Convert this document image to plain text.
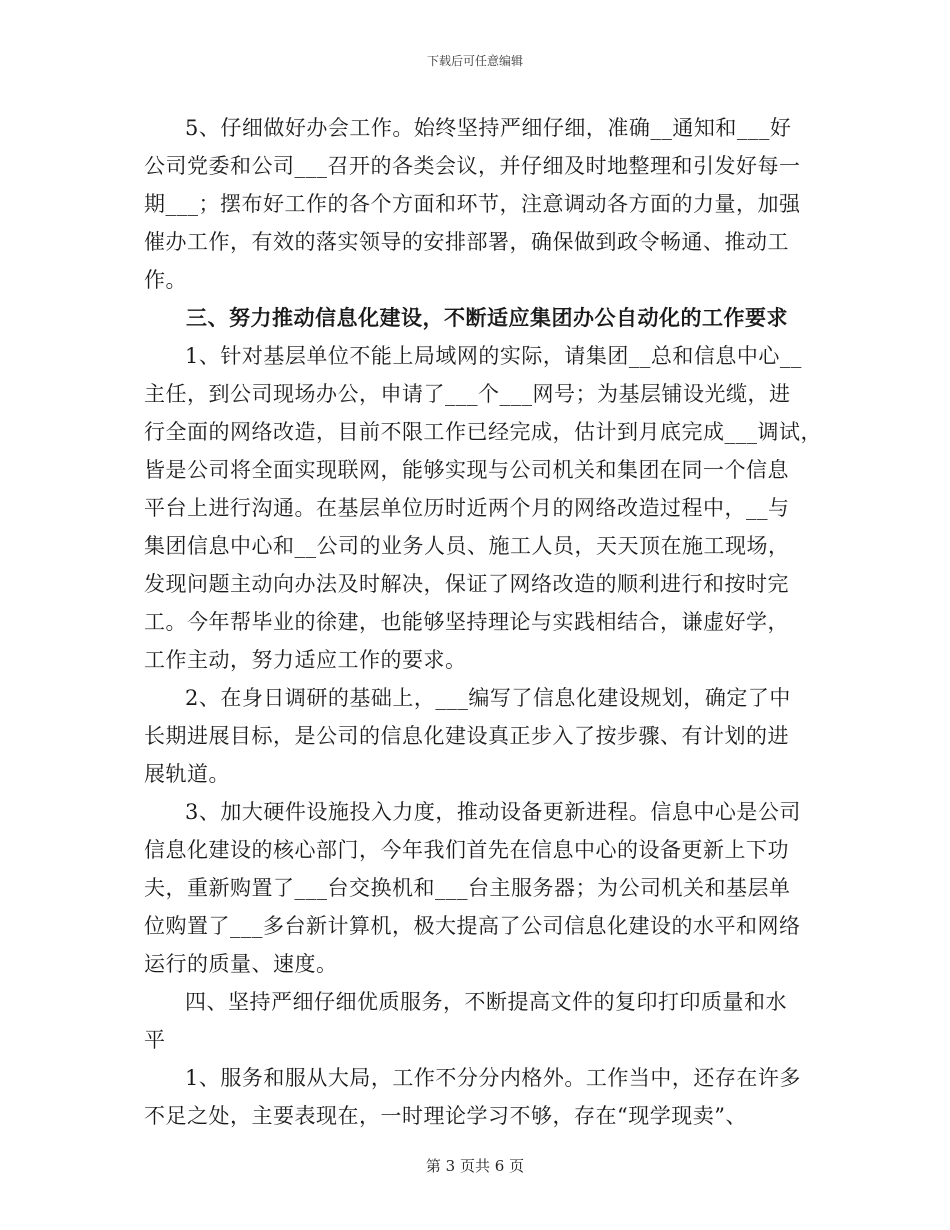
下载后可任意编辑
5、仔细做好办会工作。始终坚持严细仔细，准确__通知和___好
公司党委和公司___召开的各类会议，并仔细及时地整理和引发好每一
期___；摆布好工作的各个方面和环节，注意调动各方面的力量，加强
催办工作，有效的落实领导的安排部署，确保做到政令畅通、推动工
作。
三、努力推动信息化建设，不断适应集团办公自动化的工作要求
1、针对基层单位不能上局域网的实际，请集团__总和信息中心__
主任，到公司现场办公，申请了___个___网号；为基层铺设光缆，进
行全面的网络改造，目前不限工作已经完成，估计到月底完成___调试，
皆是公司将全面实现联网，能够实现与公司机关和集团在同一个信息
平台上进行沟通。在基层单位历时近两个月的网络改造过程中，__与
集团信息中心和__公司的业务人员、施工人员，天天顶在施工现场，
发现问题主动向办法及时解决，保证了网络改造的顺利进行和按时完
工。今年帮毕业的徐建，也能够坚持理论与实践相结合，谦虚好学，
工作主动，努力适应工作的要求。
2、在身日调研的基础上，___编写了信息化建设规划，确定了中
长期进展目标，是公司的信息化建设真正步入了按步骤、有计划的进
展轨道。
3、加大硬件设施投入力度，推动设备更新进程。信息中心是公司
信息化建设的核心部门，今年我们首先在信息中心的设备更新上下功
夫，重新购置了___台交换机和___台主服务器；为公司机关和基层单
位购置了___多台新计算机，极大提高了公司信息化建设的水平和网络
运行的质量、速度。
四、坚持严细仔细优质服务，不断提高文件的复印打印质量和水
平
1、服务和服从大局，工作不分分内格外。工作当中，还存在许多
不足之处，主要表现在，一时理论学习不够，存在“现学现卖”、
第 3 页共 6 页
